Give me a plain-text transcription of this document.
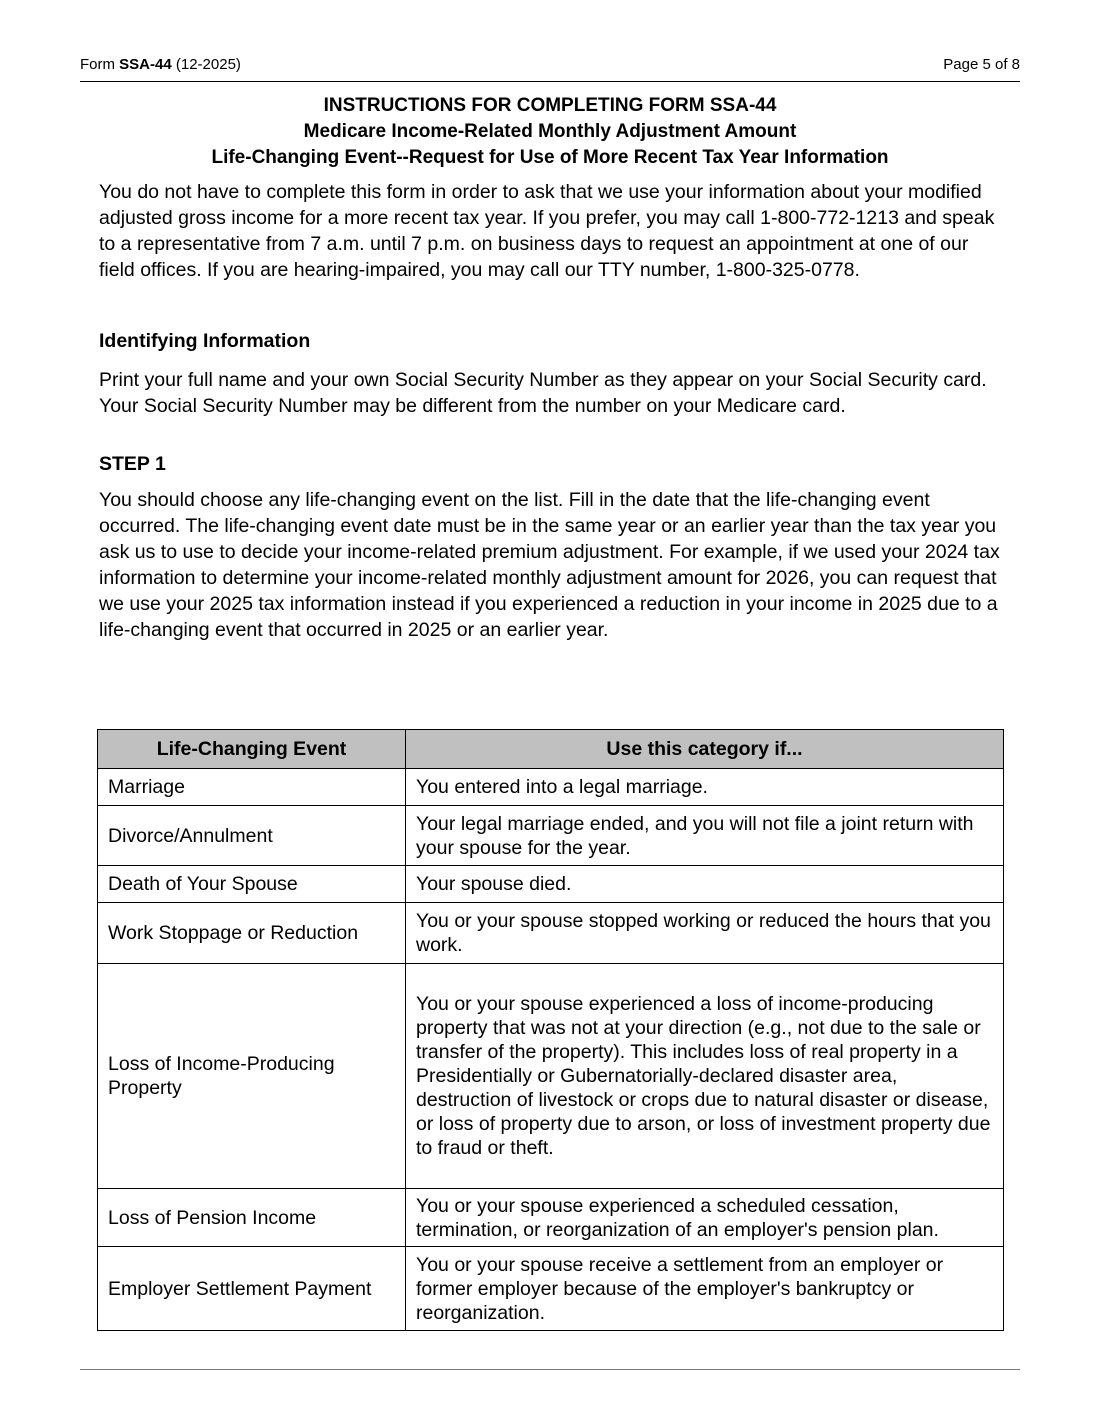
Form SSA-44 (12-2025)	Page 5 of 8
INSTRUCTIONS FOR COMPLETING FORM SSA-44
Medicare Income-Related Monthly Adjustment Amount
Life-Changing Event--Request for Use of More Recent Tax Year Information
You do not have to complete this form in order to ask that we use your information about your modified adjusted gross income for a more recent tax year. If you prefer, you may call 1-800-772-1213 and speak to a representative from 7 a.m. until 7 p.m. on business days to request an appointment at one of our field offices. If you are hearing-impaired, you may call our TTY number, 1-800-325-0778.
Identifying Information
Print your full name and your own Social Security Number as they appear on your Social Security card. Your Social Security Number may be different from the number on your Medicare card.
STEP 1
You should choose any life-changing event on the list. Fill in the date that the life-changing event occurred. The life-changing event date must be in the same year or an earlier year than the tax year you ask us to use to decide your income-related premium adjustment. For example, if we used your 2024 tax information to determine your income-related monthly adjustment amount for 2026, you can request that we use your 2025 tax information instead if you experienced a reduction in your income in 2025 due to a life-changing event that occurred in 2025 or an earlier year.
Life-Changing Event	Use this category if...
Marriage	You entered into a legal marriage.
Divorce/Annulment	Your legal marriage ended, and you will not file a joint return with your spouse for the year.
Death of Your Spouse	Your spouse died.
Work Stoppage or Reduction	You or your spouse stopped working or reduced the hours that you work.
Loss of Income-Producing Property	You or your spouse experienced a loss of income-producing property that was not at your direction (e.g., not due to the sale or transfer of the property). This includes loss of real property in a Presidentially or Gubernatorially-declared disaster area, destruction of livestock or crops due to natural disaster or disease, or loss of property due to arson, or loss of investment property due to fraud or theft.
Loss of Pension Income	You or your spouse experienced a scheduled cessation, termination, or reorganization of an employer's pension plan.
Employer Settlement Payment	You or your spouse receive a settlement from an employer or former employer because of the employer's bankruptcy or reorganization.
